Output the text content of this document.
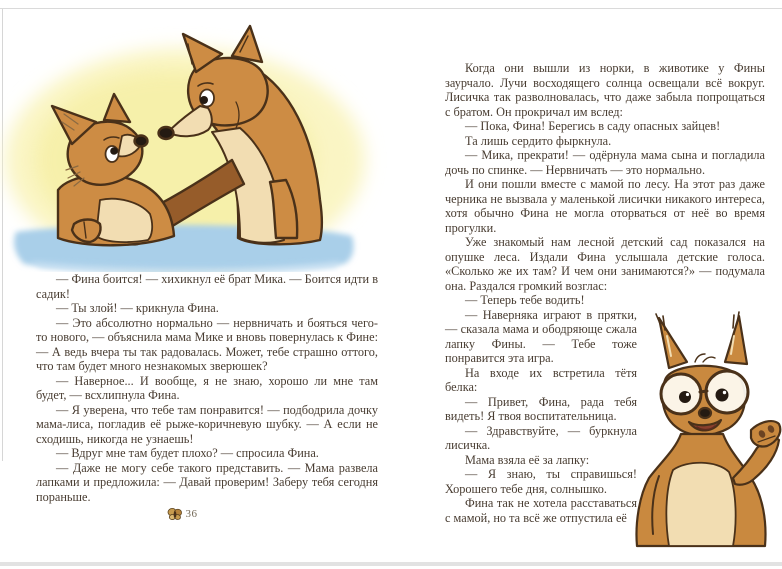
— Фина боится! — хихикнул её брат Мика. — Боится идти в садик!

— Ты злой! — крикнула Фина.

— Это абсолютно нормально — нервничать и бояться чего-то нового, — объяснила мама Мике и вновь повернулась к Фине: — А ведь вчера ты так радовалась. Может, тебе страшно оттого, что там будет много незнакомых зверюшек?

— Наверное... И вообще, я не знаю, хорошо ли мне там будет, — всхлипнула Фина.

— Я уверена, что тебе там понравится! — подбодрила дочку мама-лиса, погладив её рыже-коричневую шубку. — А если не сходишь, никогда не узнаешь!

— Вдруг мне там будет плохо? — спросила Фина.

— Даже не могу себе такого представить. — Мама развела лапками и предложила: — Давай проверим! Заберу тебя сегодня пораньше.

36

Когда они вышли из норки, в животике у Фины заурчало. Лучи восходящего солнца освещали всё вокруг. Лисичка так разволновалась, что даже забыла попрощаться с братом. Он прокричал им вслед:

— Пока, Фина! Берегись в саду опасных зайцев!

Та лишь сердито фыркнула.

— Мика, прекрати! — одёрнула мама сына и погладила дочь по спинке. — Нервничать — это нормально.

И они пошли вместе с мамой по лесу. На этот раз даже черника не вызвала у маленькой лисички никакого интереса, хотя обычно Фина не могла оторваться от неё во время прогулки.

Уже знакомый нам лесной детский сад показался на опушке леса. Издали Фина услышала детские голоса. «Сколько же их там? И чем они занимаются?» — подумала она. Раздался громкий возглас:

— Теперь тебе водить!

— Наверняка играют в прятки, — сказала мама и ободряюще сжала лапку Фины. — Тебе тоже понравится эта игра.

На входе их встретила тётя белка:

— Привет, Фина, рада тебя видеть! Я твоя воспитательница.

— Здравствуйте, — буркнула лисичка.

Мама взяла её за лапку:

— Я знаю, ты справишься! Хорошего тебе дня, солнышко.

Фина так не хотела расставаться с мамой, но та всё же отпустила её
